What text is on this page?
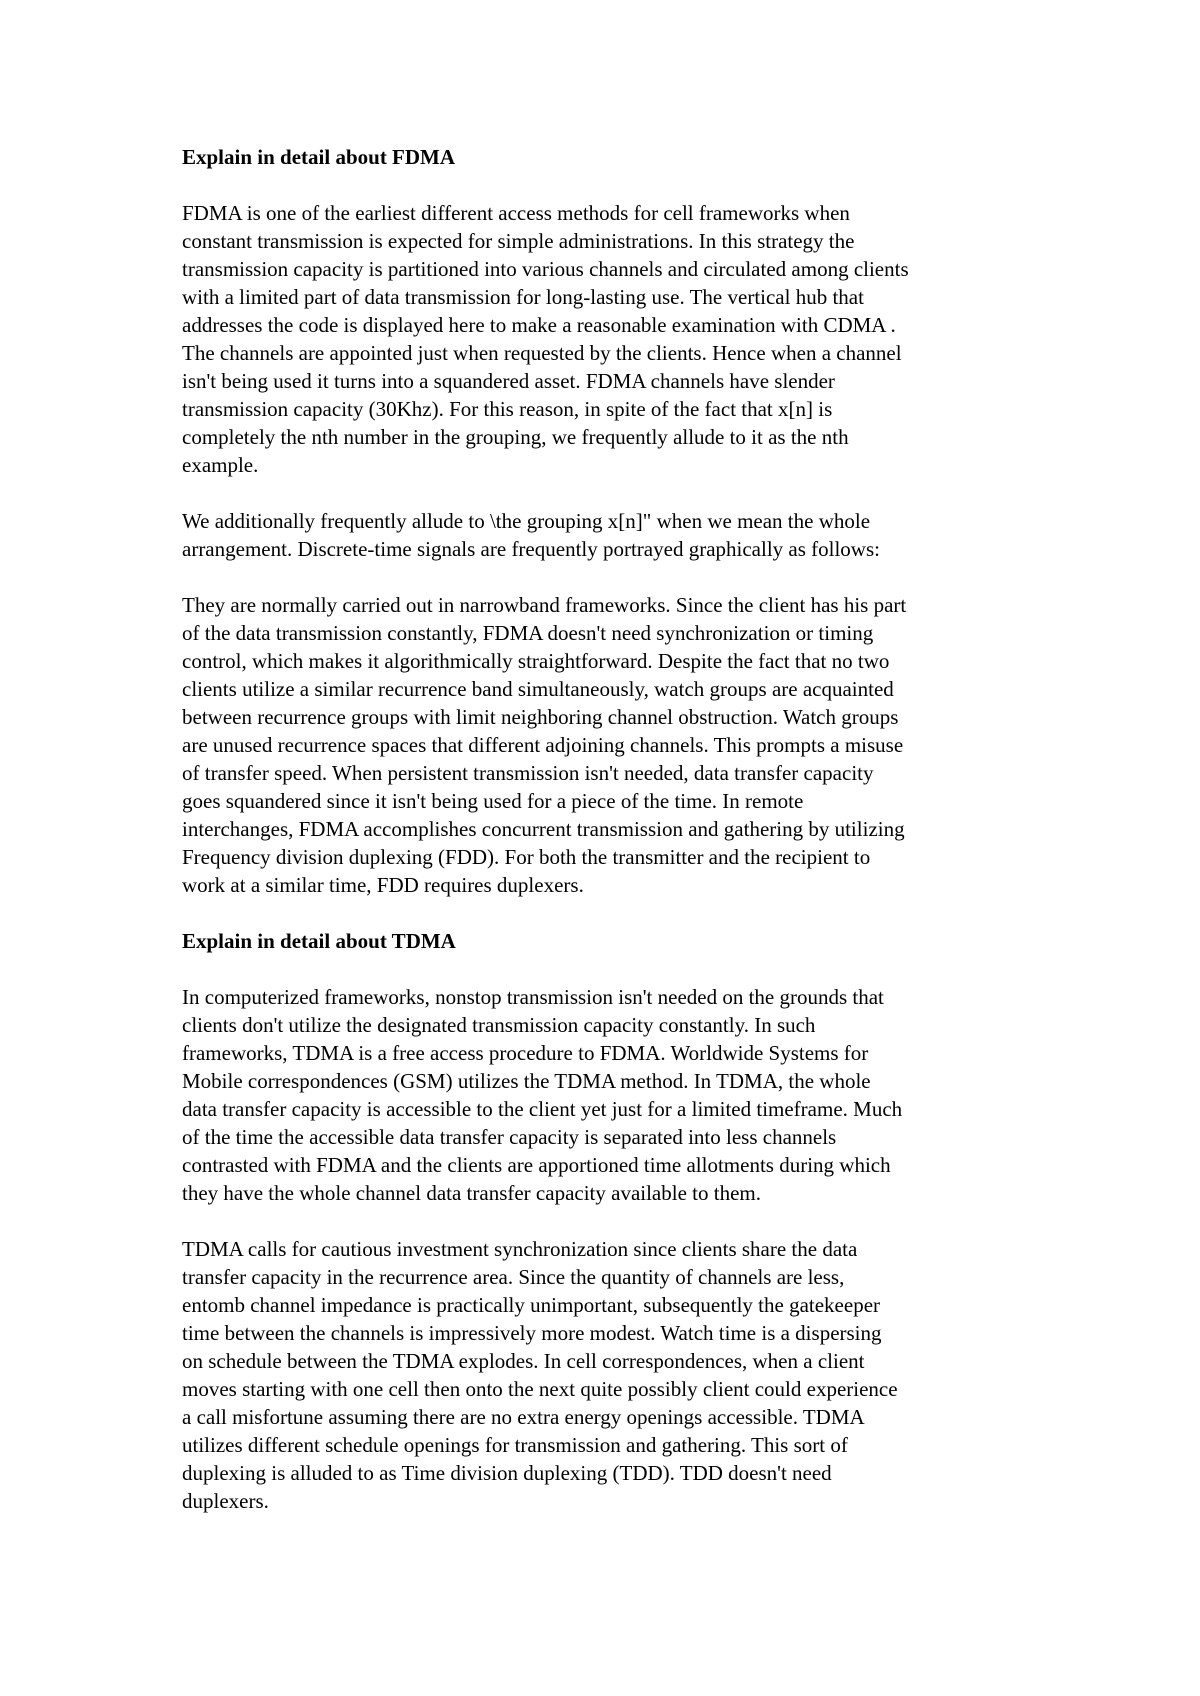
Explain in detail about FDMA
FDMA is one of the earliest different access methods for cell frameworks when
constant transmission is expected for simple administrations. In this strategy the
transmission capacity is partitioned into various channels and circulated among clients
with a limited part of data transmission for long-lasting use. The vertical hub that
addresses the code is displayed here to make a reasonable examination with CDMA .
The channels are appointed just when requested by the clients. Hence when a channel
isn't being used it turns into a squandered asset. FDMA channels have slender
transmission capacity (30Khz). For this reason, in spite of the fact that x[n] is
completely the nth number in the grouping, we frequently allude to it as the nth
example.
We additionally frequently allude to \the grouping x[n]" when we mean the whole
arrangement. Discrete-time signals are frequently portrayed graphically as follows:
They are normally carried out in narrowband frameworks. Since the client has his part
of the data transmission constantly, FDMA doesn't need synchronization or timing
control, which makes it algorithmically straightforward. Despite the fact that no two
clients utilize a similar recurrence band simultaneously, watch groups are acquainted
between recurrence groups with limit neighboring channel obstruction. Watch groups
are unused recurrence spaces that different adjoining channels. This prompts a misuse
of transfer speed. When persistent transmission isn't needed, data transfer capacity
goes squandered since it isn't being used for a piece of the time. In remote
interchanges, FDMA accomplishes concurrent transmission and gathering by utilizing
Frequency division duplexing (FDD). For both the transmitter and the recipient to
work at a similar time, FDD requires duplexers.
Explain in detail about TDMA
In computerized frameworks, nonstop transmission isn't needed on the grounds that
clients don't utilize the designated transmission capacity constantly. In such
frameworks, TDMA is a free access procedure to FDMA. Worldwide Systems for
Mobile correspondences (GSM) utilizes the TDMA method. In TDMA, the whole
data transfer capacity is accessible to the client yet just for a limited timeframe. Much
of the time the accessible data transfer capacity is separated into less channels
contrasted with FDMA and the clients are apportioned time allotments during which
they have the whole channel data transfer capacity available to them.
TDMA calls for cautious investment synchronization since clients share the data
transfer capacity in the recurrence area. Since the quantity of channels are less,
entomb channel impedance is practically unimportant, subsequently the gatekeeper
time between the channels is impressively more modest. Watch time is a dispersing
on schedule between the TDMA explodes. In cell correspondences, when a client
moves starting with one cell then onto the next quite possibly client could experience
a call misfortune assuming there are no extra energy openings accessible. TDMA
utilizes different schedule openings for transmission and gathering. This sort of
duplexing is alluded to as Time division duplexing (TDD). TDD doesn't need
duplexers.
